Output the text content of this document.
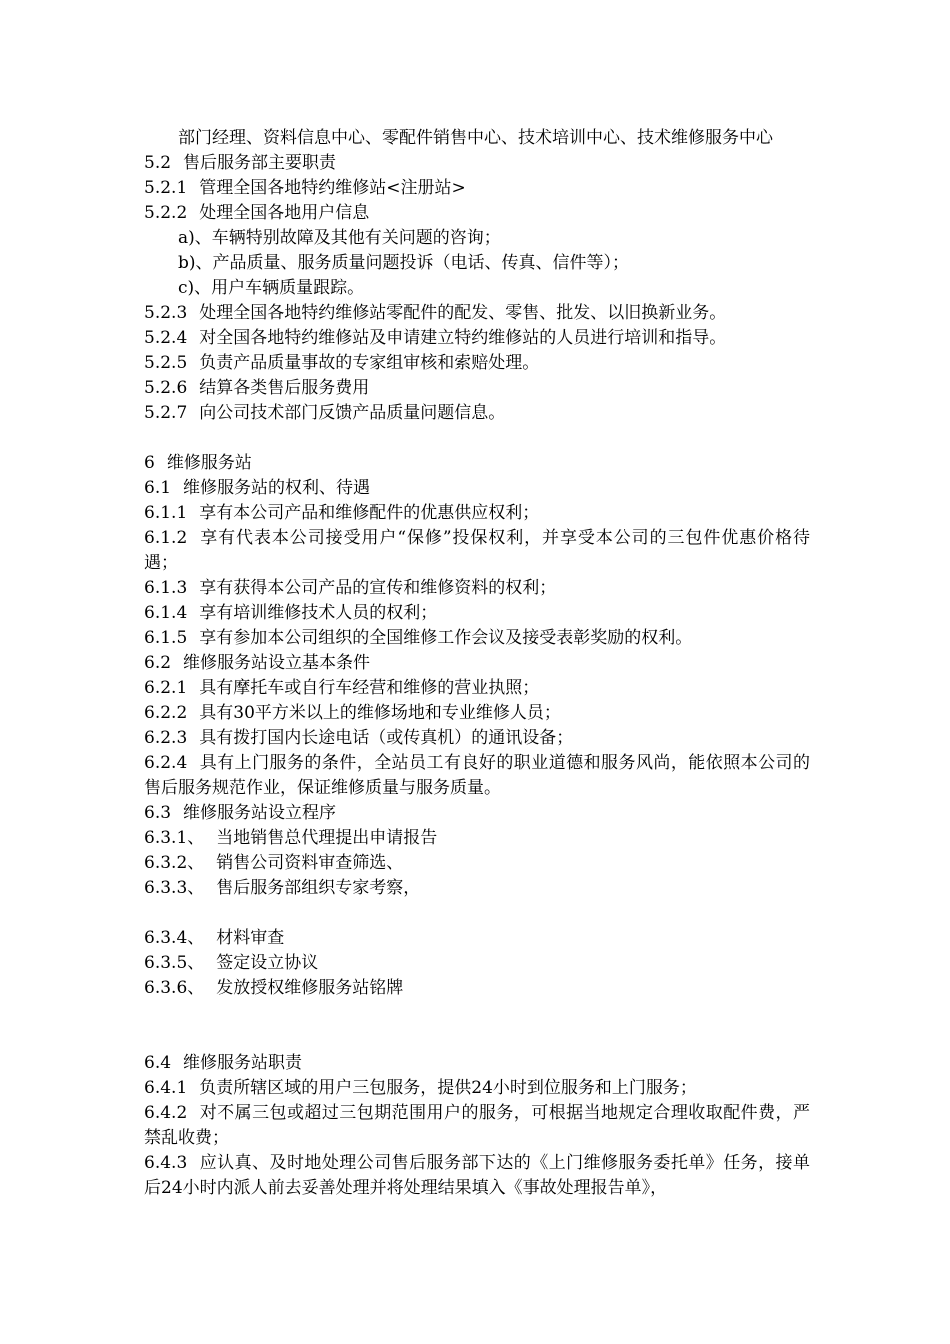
部门经理、资料信息中心、零配件销售中心、技术培训中心、技术维修服务中心
5.2 售后服务部主要职责
5.2.1 管理全国各地特约维修站<注册站>
5.2.2 处理全国各地用户信息
a)、车辆特别故障及其他有关问题的咨询；
b)、产品质量、服务质量问题投诉（电话、传真、信件等）；
c)、用户车辆质量跟踪。
5.2.3 处理全国各地特约维修站零配件的配发、零售、批发、以旧换新业务。
5.2.4 对全国各地特约维修站及申请建立特约维修站的人员进行培训和指导。
5.2.5 负责产品质量事故的专家组审核和索赔处理。
5.2.6 结算各类售后服务费用
5.2.7 向公司技术部门反馈产品质量问题信息。
6 维修服务站
6.1 维修服务站的权利、待遇
6.1.1 享有本公司产品和维修配件的优惠供应权利；
6.1.2 享有代表本公司接受用户“保修”投保权利，并享受本公司的三包件优惠价格待遇；
6.1.3 享有获得本公司产品的宣传和维修资料的权利；
6.1.4 享有培训维修技术人员的权利；
6.1.5 享有参加本公司组织的全国维修工作会议及接受表彰奖励的权利。
6.2 维修服务站设立基本条件
6.2.1 具有摩托车或自行车经营和维修的营业执照；
6.2.2 具有30平方米以上的维修场地和专业维修人员；
6.2.3 具有拨打国内长途电话（或传真机）的通讯设备；
6.2.4 具有上门服务的条件，全站员工有良好的职业道德和服务风尚，能依照本公司的售后服务规范作业，保证维修质量与服务质量。
6.3 维修服务站设立程序
6.3.1、 当地销售总代理提出申请报告
6.3.2、 销售公司资料审查筛选、
6.3.3、 售后服务部组织专家考察，
6.3.4、 材料审查
6.3.5、 签定设立协议
6.3.6、 发放授权维修服务站铭牌
6.4 维修服务站职责
6.4.1 负责所辖区域的用户三包服务，提供24小时到位服务和上门服务；
6.4.2 对不属三包或超过三包期范围用户的服务，可根据当地规定合理收取配件费，严禁乱收费；
6.4.3 应认真、及时地处理公司售后服务部下达的《上门维修服务委托单》任务，接单后24小时内派人前去妥善处理并将处理结果填入《事故处理报告单》，
